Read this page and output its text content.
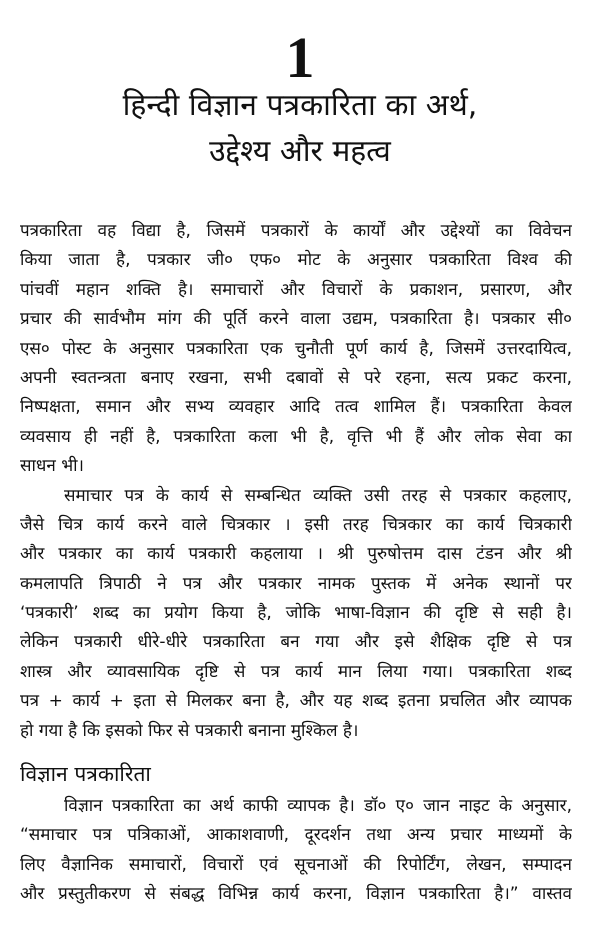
1
हिन्दी विज्ञान पत्रकारिता का अर्थ,
उद्देश्य और महत्व
पत्रकारिता वह विद्या है, जिसमें पत्रकारों के कार्यों और उद्देश्यों का विवेचन
किया जाता है, पत्रकार जी० एफ० मोट के अनुसार पत्रकारिता विश्व की
पांचवीं महान शक्ति है। समाचारों और विचारों के प्रकाशन, प्रसारण, और
प्रचार की सार्वभौम मांग की पूर्ति करने वाला उद्यम, पत्रकारिता है। पत्रकार सी०
एस० पोस्ट के अनुसार पत्रकारिता एक चुनौती पूर्ण कार्य है, जिसमें उत्तरदायित्व,
अपनी स्वतन्त्रता बनाए रखना, सभी दबावों से परे रहना, सत्य प्रकट करना,
निष्पक्षता, समान और सभ्य व्यवहार आदि तत्व शामिल हैं। पत्रकारिता केवल
व्यवसाय ही नहीं है, पत्रकारिता कला भी है, वृत्ति भी हैं और लोक सेवा का
साधन भी।
समाचार पत्र के कार्य से सम्बन्धित व्यक्ति उसी तरह से पत्रकार कहलाए,
जैसे चित्र कार्य करने वाले चित्रकार । इसी तरह चित्रकार का कार्य चित्रकारी
और पत्रकार का कार्य पत्रकारी कहलाया । श्री पुरुषोत्तम दास टंडन और श्री
कमलापति त्रिपाठी ने पत्र और पत्रकार नामक पुस्तक में अनेक स्थानों पर
‘पत्रकारी’ शब्द का प्रयोग किया है, जोकि भाषा-विज्ञान की दृष्टि से सही है।
लेकिन पत्रकारी धीरे-धीरे पत्रकारिता बन गया और इसे शैक्षिक दृष्टि से पत्र
शास्त्र और व्यावसायिक दृष्टि से पत्र कार्य मान लिया गया। पत्रकारिता शब्द
पत्र + कार्य + इता से मिलकर बना है, और यह शब्द इतना प्रचलित और व्यापक
हो गया है कि इसको फिर से पत्रकारी बनाना मुश्किल है।
विज्ञान पत्रकारिता
विज्ञान पत्रकारिता का अर्थ काफी व्यापक है। डॉ० ए० जान नाइट के अनुसार,
“समाचार पत्र पत्रिकाओं, आकाशवाणी, दूरदर्शन तथा अन्य प्रचार माध्यमों के
लिए वैज्ञानिक समाचारों, विचारों एवं सूचनाओं की रिपोर्टिंग, लेखन, सम्पादन
और प्रस्तुतीकरण से संबद्ध विभिन्न कार्य करना, विज्ञान पत्रकारिता है।” वास्तव
